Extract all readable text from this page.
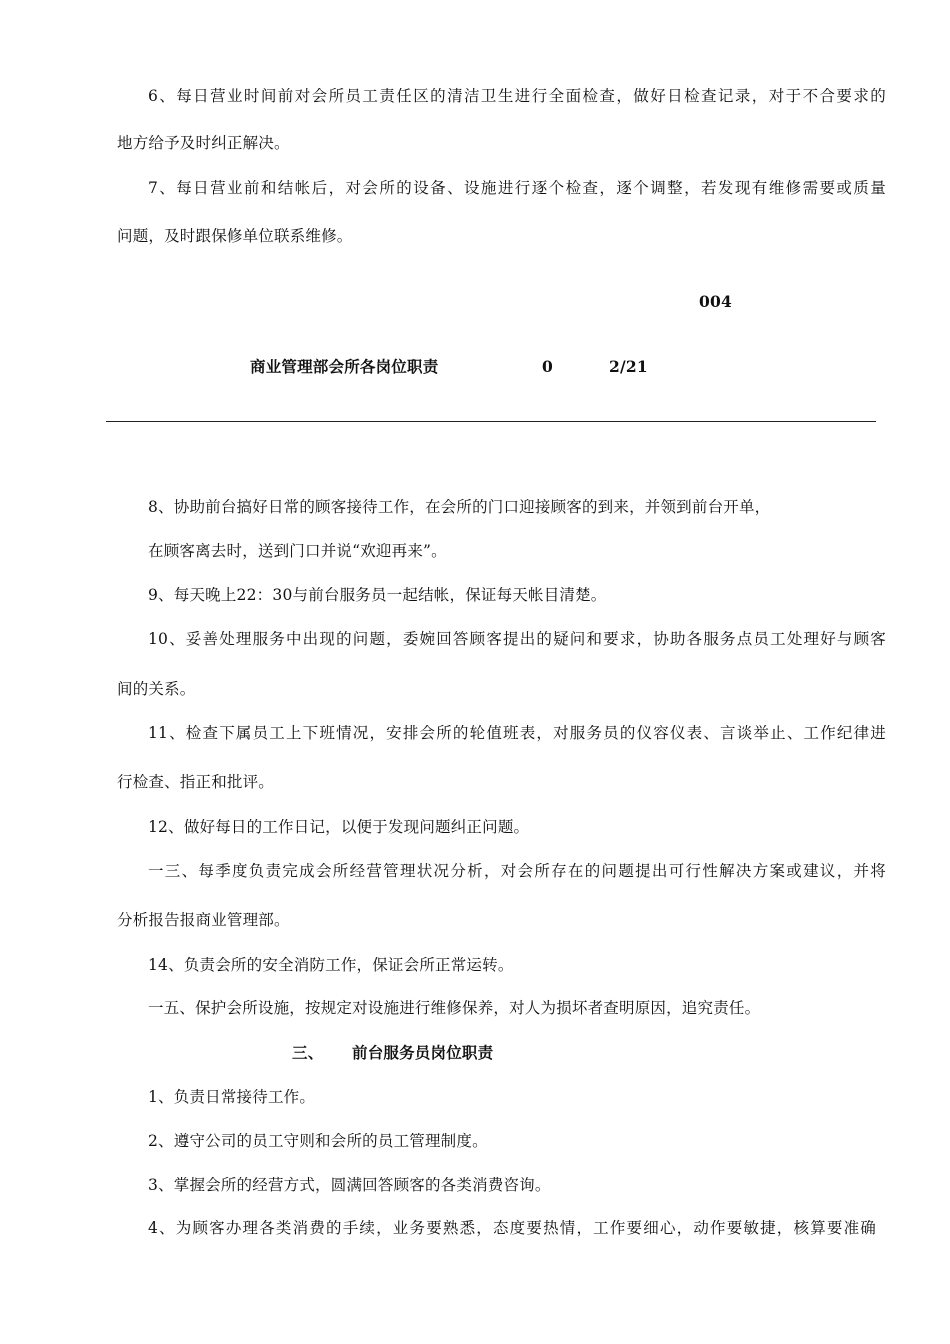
6、每日营业时间前对会所员工责任区的清洁卫生进行全面检查，做好日检查记录，对于不合要求的
地方给予及时纠正解决。
7、每日营业前和结帐后，对会所的设备、设施进行逐个检查，逐个调整，若发现有维修需要或质量
问题，及时跟保修单位联系维修。
004
商业管理部会所各岗位职责	0	2/21
8、协助前台搞好日常的顾客接待工作，在会所的门口迎接顾客的到来，并领到前台开单，
在顾客离去时，送到门口并说“欢迎再来”。
9、每天晚上22：30与前台服务员一起结帐，保证每天帐目清楚。
10、妥善处理服务中出现的问题，委婉回答顾客提出的疑问和要求，协助各服务点员工处理好与顾客
间的关系。
11、检查下属员工上下班情况，安排会所的轮值班表，对服务员的仪容仪表、言谈举止、工作纪律进
行检查、指正和批评。
12、做好每日的工作日记，以便于发现问题纠正问题。
一三、每季度负责完成会所经营管理状况分析，对会所存在的问题提出可行性解决方案或建议，并将
分析报告报商业管理部。
14、负责会所的安全消防工作，保证会所正常运转。
一五、保护会所设施，按规定对设施进行维修保养，对人为损坏者查明原因，追究责任。
三、 前台服务员岗位职责
1、负责日常接待工作。
2、遵守公司的员工守则和会所的员工管理制度。
3、掌握会所的经营方式，圆满回答顾客的各类消费咨询。
4、为顾客办理各类消费的手续，业务要熟悉，态度要热情，工作要细心，动作要敏捷，核算要准确
